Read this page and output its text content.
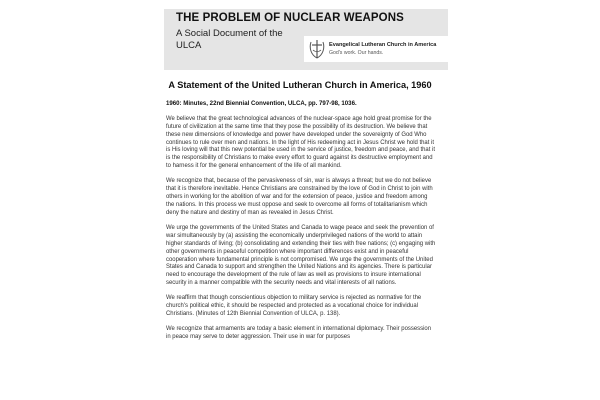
THE PROBLEM OF NUCLEAR WEAPONS
A Social Document of the ULCA	Evangelical Lutheran Church in America
God's work. Our hands.
A Statement of the United Lutheran Church in America, 1960
1960: Minutes, 22nd Biennial Convention, ULCA, pp. 797-98, 1036.

We believe that the great technological advances of the nuclear-space age hold great promise for the future of civilization at the same time that they pose the possibility of its destruction. We believe that these new dimensions of knowledge and power have developed under the sovereignty of God Who continues to rule over men and nations. In the light of His redeeming act in Jesus Christ we hold that it is His loving will that this new potential be used in the service of justice, freedom and peace, and that it is the responsibility of Christians to make every effort to guard against its destructive employment and to harness it for the general enhancement of the life of all mankind.

We recognize that, because of the pervasiveness of sin, war is always a threat; but we do not believe that it is therefore inevitable. Hence Christians are constrained by the love of God in Christ to join with others in working for the abolition of war and for the extension of peace, justice and freedom among the nations. In this process we must oppose and seek to overcome all forms of totalitarianism which deny the nature and destiny of man as revealed in Jesus Christ.

We urge the governments of the United States and Canada to wage peace and seek the prevention of war simultaneously by (a) assisting the economically underprivileged nations of the world to attain higher standards of living; (b) consolidating and extending their ties with free nations; (c) engaging with other governments in peaceful competition where important differences exist and in peaceful cooperation where fundamental principle is not compromised. We urge the governments of the United States and Canada to support and strengthen the United Nations and its agencies. There is particular need to encourage the development of the rule of law as well as provisions to insure international security in a manner compatible with the security needs and vital interests of all nations.

We reaffirm that though conscientious objection to military service is rejected as normative for the church's political ethic, it should be respected and protected as a vocational choice for individual Christians. (Minutes of 12th Biennial Convention of ULCA, p. 138).

We recognize that armaments are today a basic element in international diplomacy. Their possession in peace may serve to deter aggression. Their use in war for purposes
